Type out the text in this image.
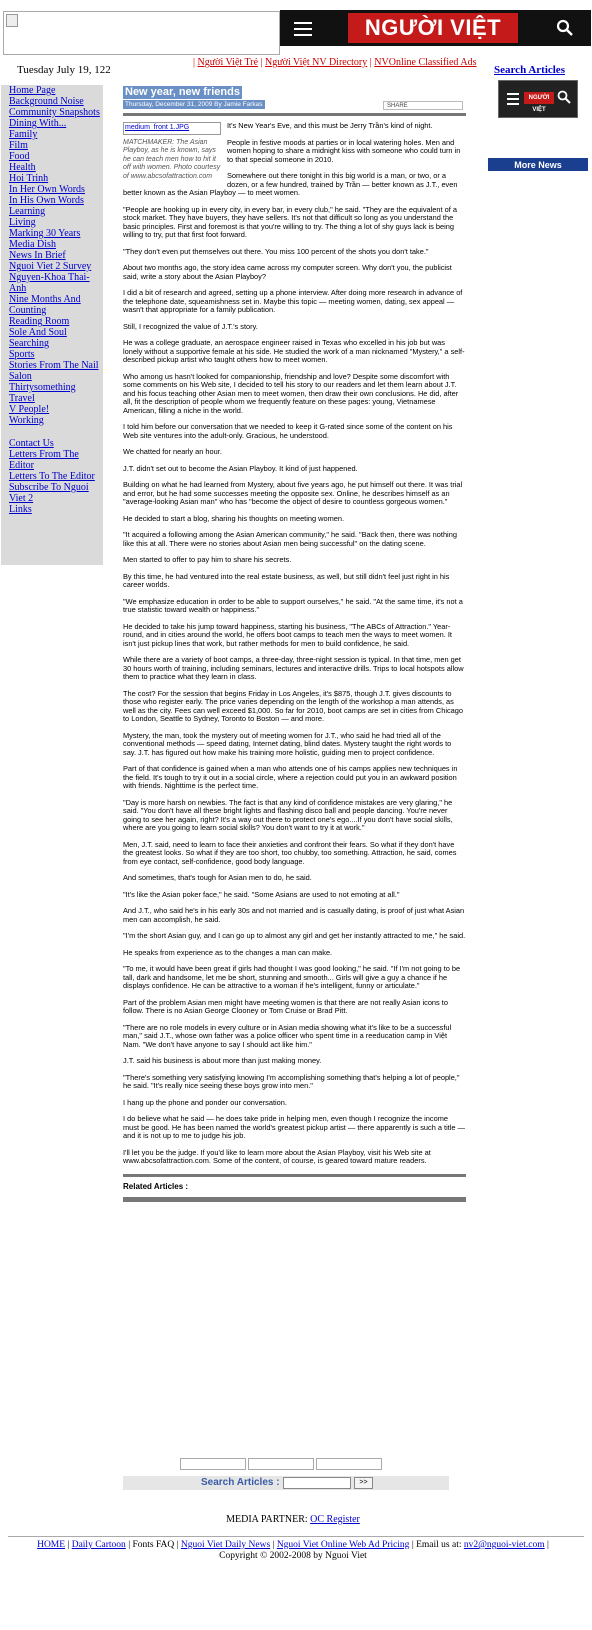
NGƯỜI VIỆT
Tuesday July 19, 122
| Người Việt Trẻ | Người Việt NV Directory | NVOnline Classified Ads
Search Articles
Home Page
Background Noise
Community Snapshots
Dining With...
Family
Film
Food
Health
Hoi Trinh
In Her Own Words
In His Own Words
Learning
Living
Marking 30 Years
Media Dish
News In Brief
Nguoi Viet 2 Survey
Nguyen-Khoa Thai-Anh
Nine Months And Counting
Reading Room
Sole And Soul
Searching
Sports
Stories From The Nail Salon
Thirtysomething
Travel
V People!
Working
Contact Us
Letters From The Editor
Letters To The Editor
Subscribe To Nguoi Viet 2
Links
NGƯỜI VIỆT
More News
New year, new friends
Thursday, December 31, 2009 By Jamie Farkas	SHARE
medium_front 1.JPG
MATCHMAKER: The Asian Playboy, as he is known, says he can teach men how to hit it off with women. Photo courtesy of www.abcsofattraction.com

It's New Year's Eve, and this must be Jerry Trần's kind of night.

People in festive moods at parties or in local watering holes. Men and women hoping to share a midnight kiss with someone who could turn in to that special someone in 2010.

Somewhere out there tonight in this big world is a man, or two, or a dozen, or a few hundred, trained by Trần — better known as J.T., even better known as the Asian Playboy — to meet women.

"People are hooking up in every city, in every bar, in every club," he said. "They are the equivalent of a stock market. They have buyers, they have sellers. It's not that difficult so long as you understand the basic principles. First and foremost is that you're willing to try. The thing a lot of shy guys lack is being willing to try, put that first foot forward.

"They don't even put themselves out there. You miss 100 percent of the shots you don't take."

About two months ago, the story idea came across my computer screen. Why don't you, the publicist said, write a story about the Asian Playboy?

I did a bit of research and agreed, setting up a phone interview. After doing more research in advance of the telephone date, squeamishness set in. Maybe this topic — meeting women, dating, sex appeal — wasn't that appropriate for a family publication.

Still, I recognized the value of J.T.'s story.

He was a college graduate, an aerospace engineer raised in Texas who excelled in his job but was lonely without a supportive female at his side. He studied the work of a man nicknamed "Mystery," a self-described pickup artist who taught others how to meet women.

Who among us hasn't looked for companionship, friendship and love? Despite some discomfort with some comments on his Web site, I decided to tell his story to our readers and let them learn about J.T. and his focus teaching other Asian men to meet women, then draw their own conclusions. He did, after all, fit the description of people whom we frequently feature on these pages: young, Vietnamese American, filling a niche in the world.

I told him before our conversation that we needed to keep it G-rated since some of the content on his Web site ventures into the adult-only. Gracious, he understood.

We chatted for nearly an hour.

J.T. didn't set out to become the Asian Playboy. It kind of just happened.

Building on what he had learned from Mystery, about five years ago, he put himself out there. It was trial and error, but he had some successes meeting the opposite sex. Online, he describes himself as an "average-looking Asian man" who has "become the object of desire to countless gorgeous women."

He decided to start a blog, sharing his thoughts on meeting women.

"It acquired a following among the Asian American community," he said. "Back then, there was nothing like this at all. There were no stories about Asian men being successful" on the dating scene.

Men started to offer to pay him to share his secrets.

By this time, he had ventured into the real estate business, as well, but still didn't feel just right in his career worlds.

"We emphasize education in order to be able to support ourselves," he said. "At the same time, it's not a true statistic toward wealth or happiness."

He decided to take his jump toward happiness, starting his business, "The ABCs of Attraction." Year-round, and in cities around the world, he offers boot camps to teach men the ways to meet women. It isn't just pickup lines that work, but rather methods for men to build confidence, he said.

While there are a variety of boot camps, a three-day, three-night session is typical. In that time, men get 30 hours worth of training, including seminars, lectures and interactive drills. Trips to local hotspots allow them to practice what they learn in class.

The cost? For the session that begins Friday in Los Angeles, it's $875, though J.T. gives discounts to those who register early. The price varies depending on the length of the workshop a man attends, as well as the city. Fees can well exceed $1,000. So far for 2010, boot camps are set in cities from Chicago to London, Seattle to Sydney, Toronto to Boston — and more.

Mystery, the man, took the mystery out of meeting women for J.T., who said he had tried all of the conventional methods — speed dating, Internet dating, blind dates. Mystery taught the right words to say. J.T. has figured out how make his training more holistic, guiding men to project confidence.

Part of that confidence is gained when a man who attends one of his camps applies new techniques in the field. It's tough to try it out in a social circle, where a rejection could put you in an awkward position with friends. Nighttime is the perfect time.

"Day is more harsh on newbies. The fact is that any kind of confidence mistakes are very glaring," he said. "You don't have all these bright lights and flashing disco ball and people dancing. You're never going to see her again, right? It's a way out there to protect one's ego....If you don't have social skills, where are you going to learn social skills? You don't want to try it at work."

Men, J.T. said, need to learn to face their anxieties and confront their fears. So what if they don't have the greatest looks. So what if they are too short, too chubby, too something. Attraction, he said, comes from eye contact, self-confidence, good body language.

And sometimes, that's tough for Asian men to do, he said.

"It's like the Asian poker face," he said. "Some Asians are used to not emoting at all."

And J.T., who said he's in his early 30s and not married and is casually dating, is proof of just what Asian men can accomplish, he said.

"I'm the short Asian guy, and I can go up to almost any girl and get her instantly attracted to me," he said.

He speaks from experience as to the changes a man can make.

"To me, it would have been great if girls had thought I was good looking," he said. "If I'm not going to be tall, dark and handsome, let me be short, stunning and smooth... Girls will give a guy a chance if he displays confidence. He can be attractive to a woman if he's intelligent, funny or articulate."

Part of the problem Asian men might have meeting women is that there are not really Asian icons to follow. There is no Asian George Clooney or Tom Cruise or Brad Pitt.

"There are no role models in every culture or in Asian media showing what it's like to be a successful man," said J.T., whose own father was a police officer who spent time in a reeducation camp in Việt Nam. "We don't have anyone to say I should act like him."

J.T. said his business is about more than just making money.

"There's something very satisfying knowing I'm accomplishing something that's helping a lot of people," he said. "It's really nice seeing these boys grow into men."

I hang up the phone and ponder our conversation.

I do believe what he said — he does take pride in helping men, even though I recognize the income must be good. He has been named the world's greatest pickup artist — there apparently is such a title — and it is not up to me to judge his job.

I'll let you be the judge. If you'd like to learn more about the Asian Playboy, visit his Web site at www.abcsofattraction.com. Some of the content, of course, is geared toward mature readers.

Related Articles :
Search Articles :	>>
MEDIA PARTNER: OC Register
HOME | Daily Cartoon | Fonts FAQ | Nguoi Viet Daily News | Nguoi Viet Online Web Ad Pricing | Email us at: nv2@nguoi-viet.com |
Copyright © 2002-2008 by Nguoi Viet
